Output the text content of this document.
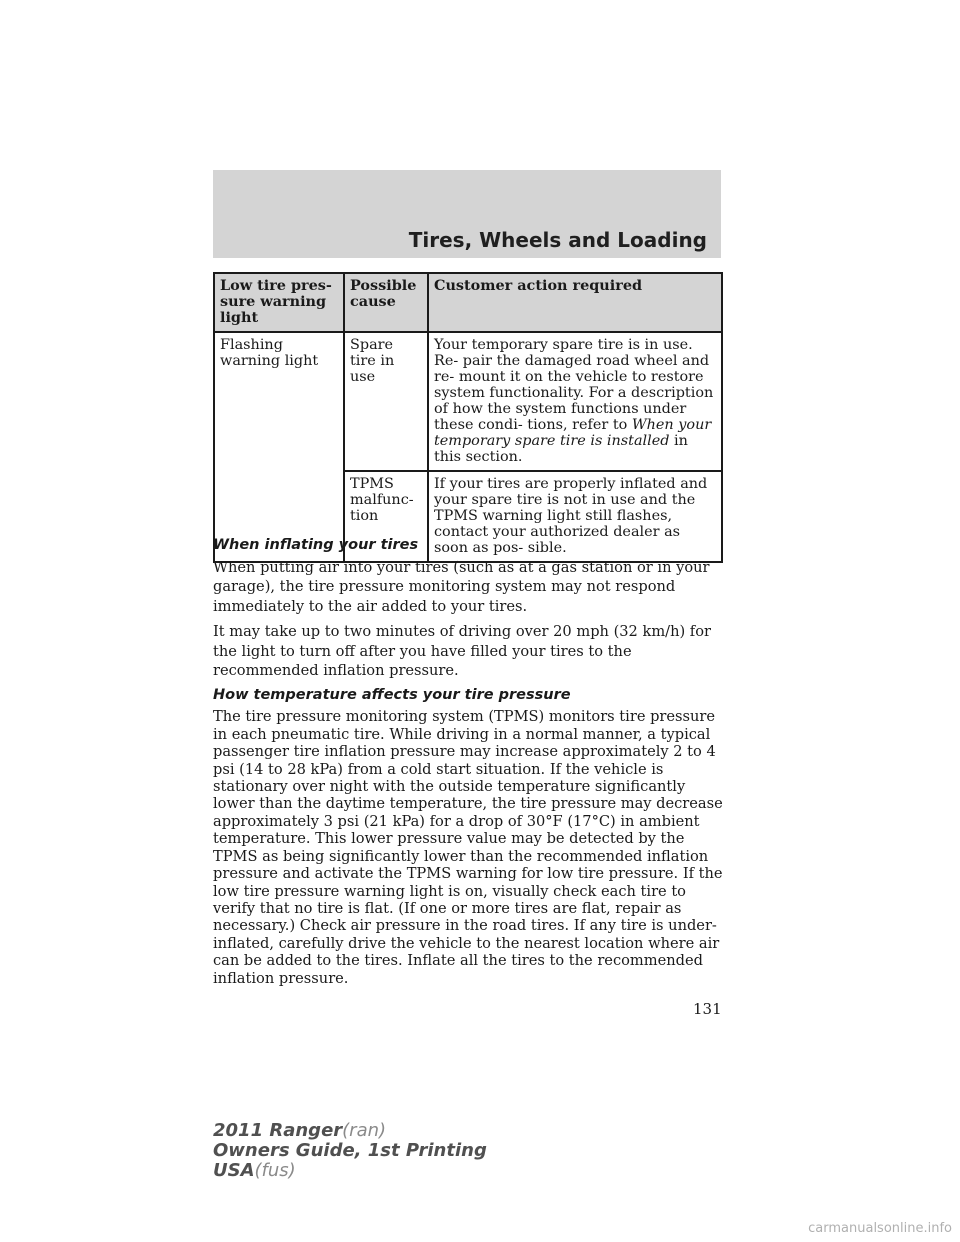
Tires, Wheels and Loading
Low tire pres- sure warning light	Possible cause	Customer action required
Flashing warning light	Spare tire in use	Your temporary spare tire is in use. Re- pair the damaged road wheel and re- mount it on the vehicle to restore system functionality. For a description of how the system functions under these condi- tions, refer to When your temporary spare tire is installed in this section.
	TPMS malfunc- tion	If your tires are properly inflated and your spare tire is not in use and the TPMS warning light still flashes, contact your authorized dealer as soon as pos- sible.
When inflating your tires

When putting air into your tires (such as at a gas station or in your garage), the tire pressure monitoring system may not respond immediately to the air added to your tires.

It may take up to two minutes of driving over 20 mph (32 km/h) for the light to turn off after you have filled your tires to the recommended inflation pressure.

How temperature affects your tire pressure

The tire pressure monitoring system (TPMS) monitors tire pressure in each pneumatic tire. While driving in a normal manner, a typical passenger tire inflation pressure may increase approximately 2 to 4 psi (14 to 28 kPa) from a cold start situation. If the vehicle is stationary over night with the outside temperature significantly lower than the daytime temperature, the tire pressure may decrease approximately 3 psi (21 kPa) for a drop of 30°F (17°C) in ambient temperature. This lower pressure value may be detected by the TPMS as being significantly lower than the recommended inflation pressure and activate the TPMS warning for low tire pressure. If the low tire pressure warning light is on, visually check each tire to verify that no tire is flat. (If one or more tires are flat, repair as necessary.) Check air pressure in the road tires. If any tire is under-inflated, carefully drive the vehicle to the nearest location where air can be added to the tires. Inflate all the tires to the recommended inflation pressure.

131
2011 Ranger(ran)
Owners Guide, 1st Printing
USA(fus)
carmanualsonline.info
